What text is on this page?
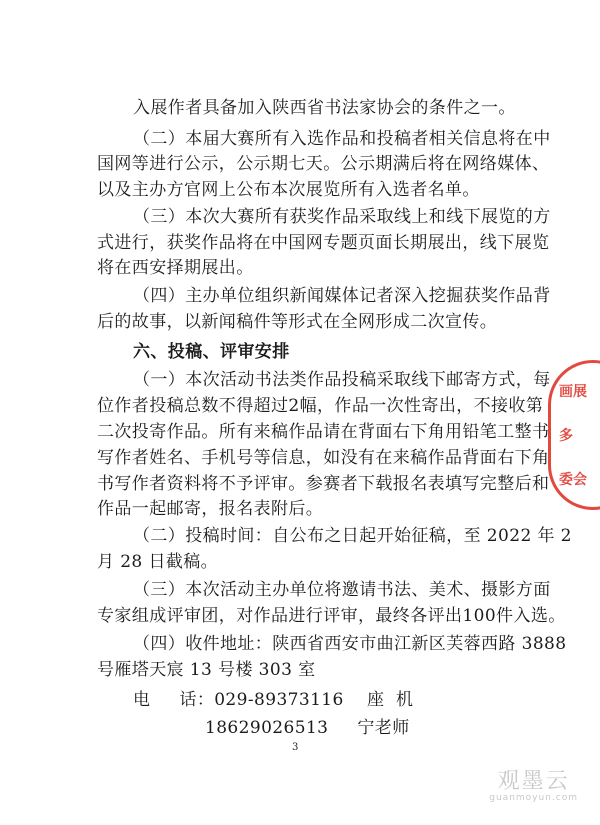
入展作者具备加入陕西省书法家协会的条件之一。
（二）本届大赛所有入选作品和投稿者相关信息将在中
国网等进行公示，公示期七天。公示期满后将在网络媒体、
以及主办方官网上公布本次展览所有入选者名单。
（三）本次大赛所有获奖作品采取线上和线下展览的方
式进行，获奖作品将在中国网专题页面长期展出，线下展览
将在西安择期展出。
（四）主办单位组织新闻媒体记者深入挖掘获奖作品背
后的故事，以新闻稿件等形式在全网形成二次宣传。
六、投稿、评审安排
（一）本次活动书法类作品投稿采取线下邮寄方式，每
位作者投稿总数不得超过2幅，作品一次性寄出，不接收第
二次投寄作品。所有来稿作品请在背面右下角用铅笔工整书
写作者姓名、手机号等信息，如没有在来稿作品背面右下角
书写作者资料将不予评审。参赛者下载报名表填写完整后和
作品一起邮寄，报名表附后。
（二）投稿时间：自公布之日起开始征稿，至 2022 年 2
月 28 日截稿。
（三）本次活动主办单位将邀请书法、美术、摄影方面
专家组成评审团，对作品进行评审，最终各评出100件入选。
（四）收件地址：陕西省西安市曲江新区芙蓉西路 3888
号雁塔天宸 13 号楼 303 室
电     话：029-89373116    座  机
18629026513     宁老师
3
画展
多
委会
观墨云
guanmoyun.com
